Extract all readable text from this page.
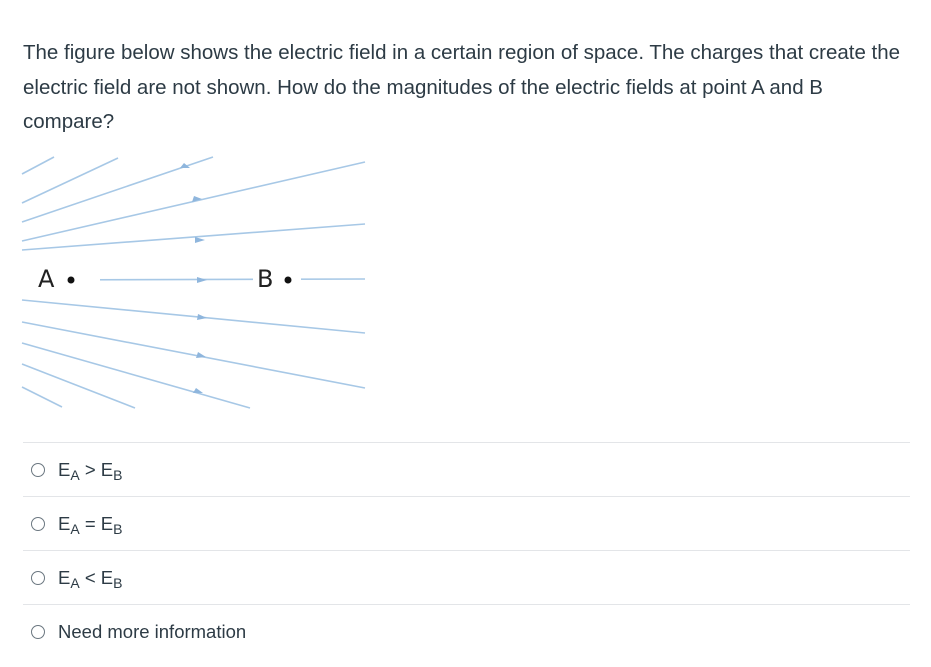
The figure below shows the electric field in a certain region of space. The charges that create the electric field are not shown. How do the magnitudes of the electric fields at point A and B compare?
A	B
$E_A > E_B$
$E_A = E_B$
$E_A < E_B$
Need more information
